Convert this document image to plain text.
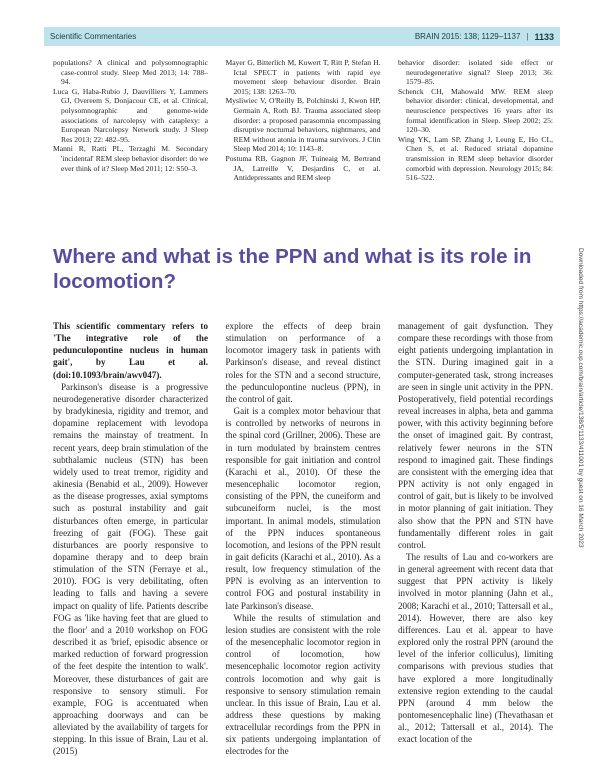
Scientific Commentaries	BRAIN 2015: 138; 1129–1137 | 1133
populations? A clinical and polysomnographic case-control study. Sleep Med 2013; 14: 788–94.
Luca G, Haba-Rubio J, Dauvilliers Y, Lammers GJ, Overeem S, Donjacour CE, et al. Clinical, polysomnographic and genome-wide associations of narcolepsy with cataplexy: a European Narcolepsy Network study. J Sleep Res 2013; 22: 482–95.
Manni R, Ratti PL, Terzaghi M. Secondary 'incidental' REM sleep behavior disorder: do we ever think of it? Sleep Med 2011; 12: S50–3.
Mayer G, Bitterlich M, Kuwert T, Ritt P, Stefan H. Ictal SPECT in patients with rapid eye movement sleep behaviour disorder. Brain 2015; 138: 1263–70.
Mysliwiec V, O'Reilly B, Polchinski J, Kwon HP, Germain A, Roth BJ. Trauma associated sleep disorder: a proposed parasomnia encompassing disruptive nocturnal behaviors, nightmares, and REM without atonia in trauma survivors. J Clin Sleep Med 2014; 10: 1143–8.
Postuma RB, Gagnon JF, Tuineaig M, Bertrand JA, Latreille V, Desjardins C, et al. Antidepressants and REM sleep
behavior disorder: isolated side effect or neurodegenerative signal? Sleep 2013; 36: 1579–85.
Schenck CH, Mahowald MW. REM sleep behavior disorder: clinical, developmental, and neuroscience perspectives 16 years after its formal identification in Sleep. Sleep 2002; 25: 120–30.
Wing YK, Lam SP, Zhang J, Leung E, Ho CL, Chen S, et al. Reduced striatal dopamine transmission in REM sleep behavior disorder comorbid with depression. Neurology 2015; 84: 516–522.
Where and what is the PPN and what is its role in locomotion?

This scientific commentary refers to 'The integrative role of the pedunculopontine nucleus in human gait', by Lau et al. (doi:10.1093/brain/awv047).

Parkinson's disease is a progressive neurodegenerative disorder characterized by bradykinesia, rigidity and tremor, and dopamine replacement with levodopa remains the mainstay of treatment. In recent years, deep brain stimulation of the subthalamic nucleus (STN) has been widely used to treat tremor, rigidity and akinesia (Benabid et al., 2009). However as the disease progresses, axial symptoms such as postural instability and gait disturbances often emerge, in particular freezing of gait (FOG). These gait disturbances are poorly responsive to dopamine therapy and to deep brain stimulation of the STN (Ferraye et al., 2010). FOG is very debilitating, often leading to falls and having a severe impact on quality of life. Patients describe FOG as 'like having feet that are glued to the floor' and a 2010 workshop on FOG described it as 'brief, episodic absence or marked reduction of forward progression of the feet despite the intention to walk'. Moreover, these disturbances of gait are responsive to sensory stimuli. For example, FOG is accentuated when approaching doorways and can be alleviated by the availability of targets for stepping. In this issue of Brain, Lau et al. (2015)

explore the effects of deep brain stimulation on performance of a locomotor imagery task in patients with Parkinson's disease, and reveal distinct roles for the STN and a second structure, the pedunculopontine nucleus (PPN), in the control of gait.

Gait is a complex motor behaviour that is controlled by networks of neurons in the spinal cord (Grillner, 2006). These are in turn modulated by brainstem centres responsible for gait initiation and control (Karachi et al., 2010). Of these the mesencephalic locomotor region, consisting of the PPN, the cuneiform and subcuneiform nuclei, is the most important. In animal models, stimulation of the PPN induces spontaneous locomotion, and lesions of the PPN result in gait deficits (Karachi et al., 2010). As a result, low frequency stimulation of the PPN is evolving as an intervention to control FOG and postural instability in late Parkinson's disease.

While the results of stimulation and lesion studies are consistent with the role of the mesencephalic locomotor region in control of locomotion, how mesencephalic locomotor region activity controls locomotion and why gait is responsive to sensory stimulation remain unclear. In this issue of Brain, Lau et al. address these questions by making extracellular recordings from the PPN in six patients undergoing implantation of electrodes for the

management of gait dysfunction. They compare these recordings with those from eight patients undergoing implantation in the STN. During imagined gait in a computer-generated task, strong increases are seen in single unit activity in the PPN. Postoperatively, field potential recordings reveal increases in alpha, beta and gamma power, with this activity beginning before the onset of imagined gait. By contrast, relatively fewer neurons in the STN respond to imagined gait. These findings are consistent with the emerging idea that PPN activity is not only engaged in control of gait, but is likely to be involved in motor planning of gait initiation. They also show that the PPN and STN have fundamentally different roles in gait control.

The results of Lau and co-workers are in general agreement with recent data that suggest that PPN activity is likely involved in motor planning (Jahn et al., 2008; Karachi et al., 2010; Tattersall et al., 2014). However, there are also key differences. Lau et al. appear to have explored only the rostral PPN (around the level of the inferior colliculus), limiting comparisons with previous studies that have explored a more longitudinally extensive region extending to the caudal PPN (around 4 mm below the pontomesencephalic line) (Thevathasan et al., 2012; Tattersall et al., 2014). The exact location of the

Downloaded from https://academic.oup.com/brain/article/138/5/1133/411001 by guest on 16 March 2023
